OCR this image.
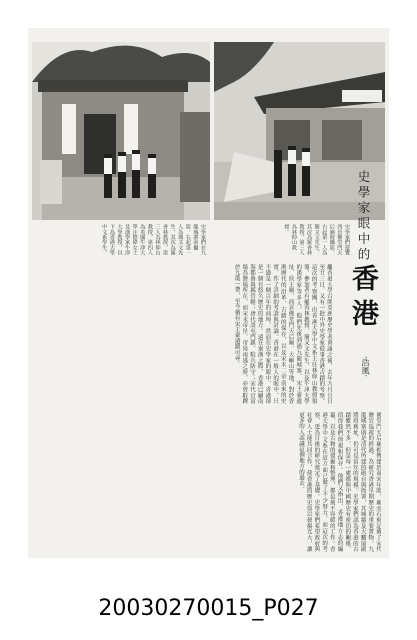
史學家們在九龍城寨前攝影。右起第一人為簡又文先生，其次為羅香林教授，第三人為林仰山教授，第四人為英國牛津大學汪德偉女士及漢學家牛津大學教授、以下為香港大學中文系學生。	史學家們遊覽西貢佛堂門天后廟時攝影。右起第一人為簡又文先生，其次為羅香林教授，第三人為林仰山教授。	史學家眼中的
香港
·浩風·
繼香港大學召開亞洲歷史學者會議之後，去年九月廿日至廿三日，又有一批中外史學家從事香港古蹟的考察。這次的考察團，由香港大學中文系主任林仰山教授領導，參加者有羅香林教授、簡又文先生，以及牛津大學的漢學家等多人。他們先後到過九龍城寨、宋王臺遺址、侯王廟、西貢佛堂門天后廟、大嶼山等地，對於香港歷代的沿革、古蹟的保存，以及宋末二帝南來的史實，作了詳細的考證與討論。香港在一般人的眼中，只不過是一個百年的商埠，然而在史學家的眼中，香港卻是一個有悠久歷史的地方。遠在秦漢之際，香港已屬南海郡番禺縣管轄；唐代設屯門鎮，駐兵防守；宋代官富場為鹽場所在，而宋末帝昰、帝昺南逃之時，亦曾駐蹕於九龍一帶，至今猶有宋王臺遺蹟可尋。
佛堂門天后廟相傳建於南宋年間，廟旁石刻記載了宋代鹽官巡視的經過，為研究香港早期歷史的重要實物。九龍城寨則是清代所建的砲台與衙署，其城牆及大鵬協副將府舊址，仍可見當年的規模。史學家們認為香港的古蹟雖然不多，但是每一處都與中國歷史有密切的關係，值得我們珍視和保存。他們又指出，香港地方志的編纂，以及古物的發掘和整理，都是刻不容緩的工作。香港大學中文系在這方面已做了不少努力，而這次的考察，更為日後的研究奠定了基礎。史學家們希望政府與社會人士能共同合作，使香港的歷史得以發揚光大，讓更多的人認識這個地方的過去。
20030270015_P027
